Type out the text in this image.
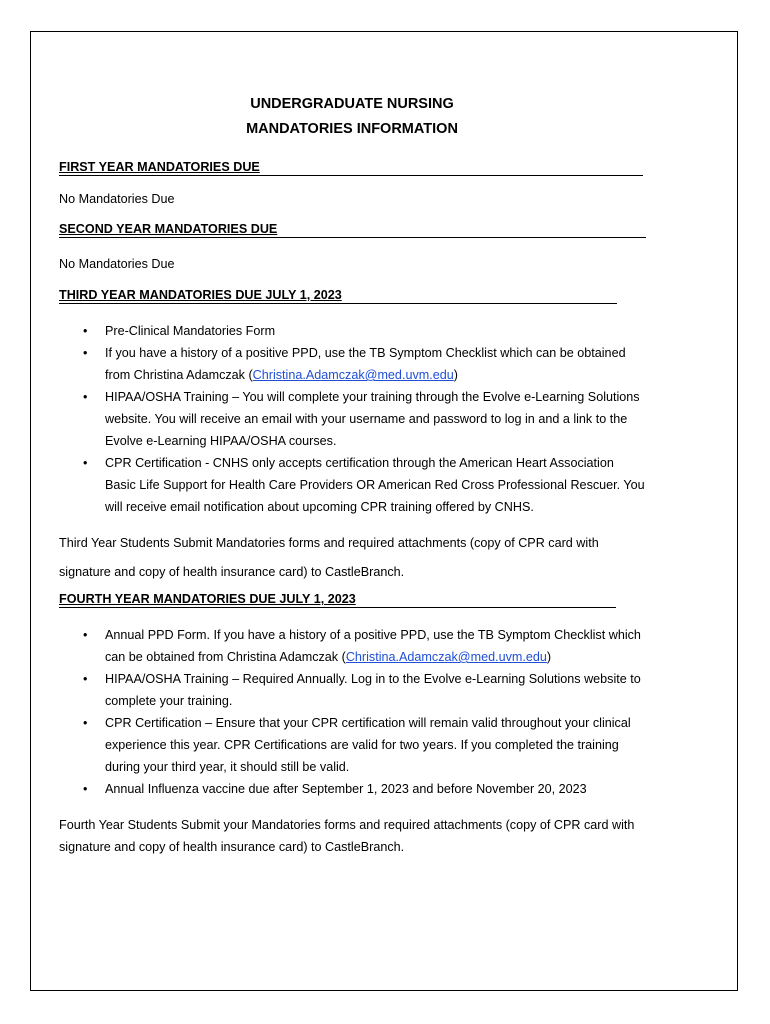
UNDERGRADUATE NURSING

MANDATORIES INFORMATION

FIRST YEAR MANDATORIES DUE

No Mandatories Due

SECOND YEAR MANDATORIES DUE

No Mandatories Due

THIRD YEAR MANDATORIES DUE JULY 1, 2023

• Pre-Clinical Mandatories Form
• If you have a history of a positive PPD, use the TB Symptom Checklist which can be obtained from Christina Adamczak (Christina.Adamczak@med.uvm.edu)
• HIPAA/OSHA Training – You will complete your training through the Evolve e-Learning Solutions website. You will receive an email with your username and password to log in and a link to the Evolve e-Learning HIPAA/OSHA courses.
• CPR Certification - CNHS only accepts certification through the American Heart Association Basic Life Support for Health Care Providers OR American Red Cross Professional Rescuer. You will receive email notification about upcoming CPR training offered by CNHS.

Third Year Students Submit Mandatories forms and required attachments (copy of CPR card with signature and copy of health insurance card) to CastleBranch.

FOURTH YEAR MANDATORIES DUE JULY 1, 2023

• Annual PPD Form. If you have a history of a positive PPD, use the TB Symptom Checklist which can be obtained from Christina Adamczak (Christina.Adamczak@med.uvm.edu)
• HIPAA/OSHA Training – Required Annually. Log in to the Evolve e-Learning Solutions website to complete your training.
• CPR Certification – Ensure that your CPR certification will remain valid throughout your clinical experience this year. CPR Certifications are valid for two years. If you completed the training during your third year, it should still be valid.
• Annual Influenza vaccine due after September 1, 2023 and before November 20, 2023

Fourth Year Students Submit your Mandatories forms and required attachments (copy of CPR card with signature and copy of health insurance card) to CastleBranch.
